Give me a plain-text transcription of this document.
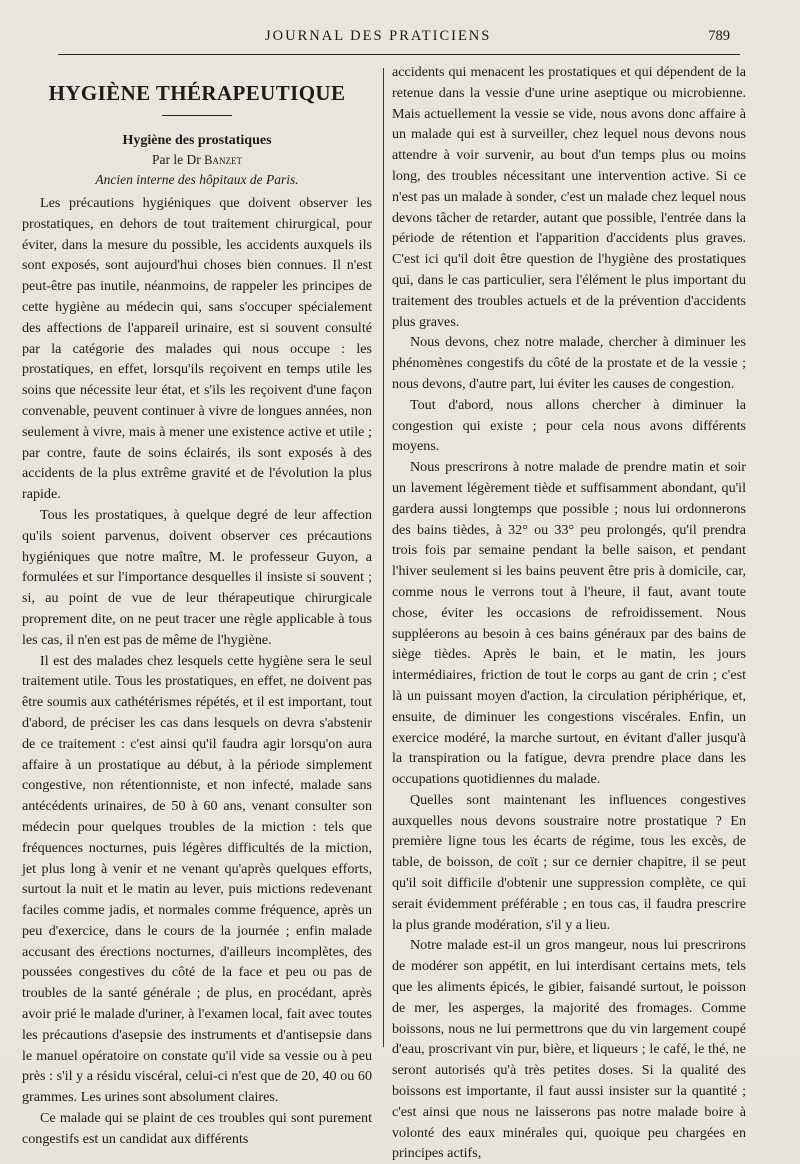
JOURNAL DES PRATICIENS	789
HYGIÈNE THÉRAPEUTIQUE
Hygiène des prostatiques

Par le Dr Banzet

Ancien interne des hôpitaux de Paris.

Les précautions hygiéniques que doivent observer les prostatiques, en dehors de tout traitement chirurgical, pour éviter, dans la mesure du possible, les accidents auxquels ils sont exposés, sont aujourd'hui choses bien connues. Il n'est peut-être pas inutile, néanmoins, de rappeler les principes de cette hygiène au médecin qui, sans s'occuper spécialement des affections de l'appareil urinaire, est si souvent consulté par la catégorie des malades qui nous occupe : les prostatiques, en effet, lorsqu'ils reçoivent en temps utile les soins que nécessite leur état, et s'ils les reçoivent d'une façon convenable, peuvent continuer à vivre de longues années, non seulement à vivre, mais à mener une existence active et utile ; par contre, faute de soins éclairés, ils sont exposés à des accidents de la plus extrême gravité et de l'évolution la plus rapide.

Tous les prostatiques, à quelque degré de leur affection qu'ils soient parvenus, doivent observer ces précautions hygiéniques que notre maître, M. le professeur Guyon, a formulées et sur l'importance desquelles il insiste si souvent ; si, au point de vue de leur thérapeutique chirurgicale proprement dite, on ne peut tracer une règle applicable à tous les cas, il n'en est pas de même de l'hygiène.

Il est des malades chez lesquels cette hygiène sera le seul traitement utile. Tous les prostatiques, en effet, ne doivent pas être soumis aux cathétérismes répétés, et il est important, tout d'abord, de préciser les cas dans lesquels on devra s'abstenir de ce traitement : c'est ainsi qu'il faudra agir lorsqu'on aura affaire à un prostatique au début, à la période simplement congestive, non rétentionniste, et non infecté, malade sans antécédents urinaires, de 50 à 60 ans, venant consulter son médecin pour quelques troubles de la miction : tels que fréquences nocturnes, puis légères difficultés de la miction, jet plus long à venir et ne venant qu'après quelques efforts, surtout la nuit et le matin au lever, puis mictions redevenant faciles comme jadis, et normales comme fréquence, après un peu d'exercice, dans le cours de la journée ; enfin malade accusant des érections nocturnes, d'ailleurs incomplètes, des poussées congestives du côté de la face et peu ou pas de troubles de la santé générale ; de plus, en procédant, après avoir prié le malade d'uriner, à l'examen local, fait avec toutes les précautions d'asepsie des instruments et d'antisepsie dans le manuel opératoire on constate qu'il vide sa vessie ou à peu près : s'il y a résidu viscéral, celui-ci n'est que de 20, 40 ou 60 grammes. Les urines sont absolument claires.

Ce malade qui se plaint de ces troubles qui sont purement congestifs est un candidat aux différents

accidents qui menacent les prostatiques et qui dépendent de la retenue dans la vessie d'une urine aseptique ou microbienne. Mais actuellement la vessie se vide, nous avons donc affaire à un malade qui est à surveiller, chez lequel nous devons nous attendre à voir survenir, au bout d'un temps plus ou moins long, des troubles nécessitant une intervention active. Si ce n'est pas un malade à sonder, c'est un malade chez lequel nous devons tâcher de retarder, autant que possible, l'entrée dans la période de rétention et l'apparition d'accidents plus graves. C'est ici qu'il doit être question de l'hygiène des prostatiques qui, dans le cas particulier, sera l'élément le plus important du traitement des troubles actuels et de la prévention d'accidents plus graves.

Nous devons, chez notre malade, chercher à diminuer les phénomènes congestifs du côté de la prostate et de la vessie ; nous devons, d'autre part, lui éviter les causes de congestion.

Tout d'abord, nous allons chercher à diminuer la congestion qui existe ; pour cela nous avons différents moyens.

Nous prescrirons à notre malade de prendre matin et soir un lavement légèrement tiède et suffisamment abondant, qu'il gardera aussi longtemps que possible ; nous lui ordonnerons des bains tièdes, à 32° ou 33° peu prolongés, qu'il prendra trois fois par semaine pendant la belle saison, et pendant l'hiver seulement si les bains peuvent être pris à domicile, car, comme nous le verrons tout à l'heure, il faut, avant toute chose, éviter les occasions de refroidissement. Nous suppléerons au besoin à ces bains généraux par des bains de siège tièdes. Après le bain, et le matin, les jours intermédiaires, friction de tout le corps au gant de crin ; c'est là un puissant moyen d'action, la circulation périphérique, et, ensuite, de diminuer les congestions viscérales. Enfin, un exercice modéré, la marche surtout, en évitant d'aller jusqu'à la transpiration ou la fatigue, devra prendre place dans les occupations quotidiennes du malade.

Quelles sont maintenant les influences congestives auxquelles nous devons soustraire notre prostatique ? En première ligne tous les écarts de régime, tous les excès, de table, de boisson, de coït ; sur ce dernier chapitre, il se peut qu'il soit difficile d'obtenir une suppression complète, ce qui serait évidemment préférable ; en tous cas, il faudra prescrire la plus grande modération, s'il y a lieu.

Notre malade est-il un gros mangeur, nous lui prescrirons de modérer son appétit, en lui interdisant certains mets, tels que les aliments épicés, le gibier, faisandé surtout, le poisson de mer, les asperges, la majorité des fromages. Comme boissons, nous ne lui permettrons que du vin largement coupé d'eau, proscrivant vin pur, bière, et liqueurs ; le café, le thé, ne seront autorisés qu'à très petites doses. Si la qualité des boissons est importante, il faut aussi insister sur la quantité ; c'est ainsi que nous ne laisserons pas notre malade boire à volonté des eaux minérales qui, quoique peu chargées en principes actifs,
